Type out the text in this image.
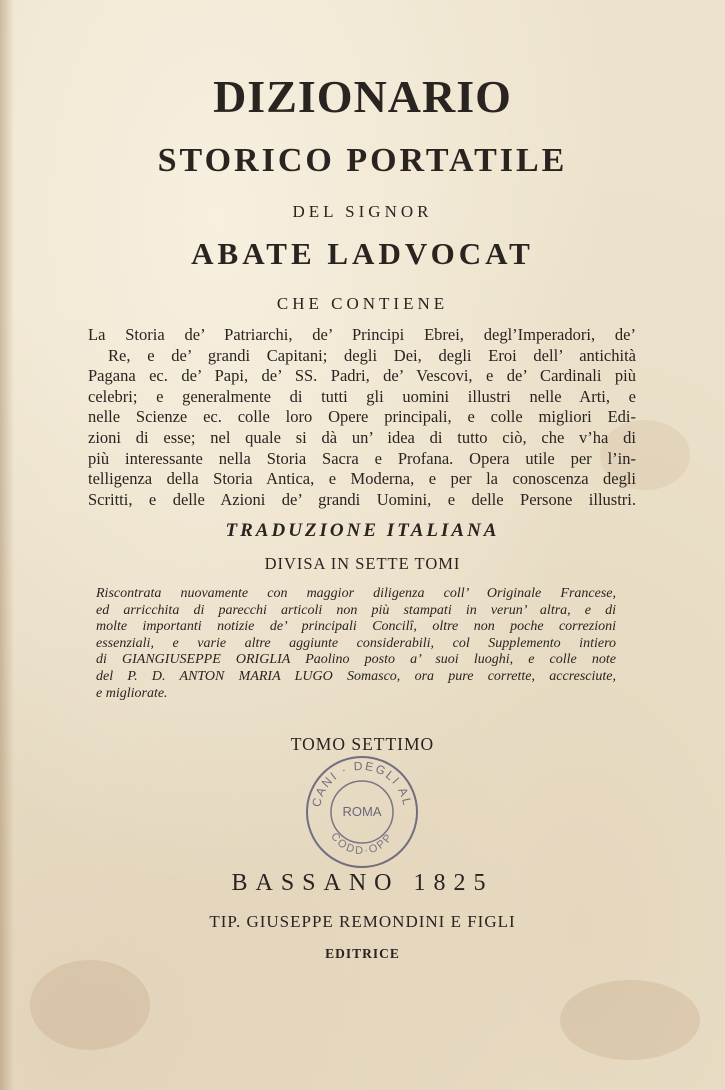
DIZIONARIO
STORICO PORTATILE
DEL SIGNOR
ABATE LADVOCAT
CHE CONTIENE
La Storia de’ Patriarchi, de’ Principi Ebrei, degl’Imperadori, de’
Re, e de’ grandi Capitani; degli Dei, degli Eroi dell’ antichità
Pagana ec. de’ Papi, de’ SS. Padri, de’ Vescovi, e de’ Cardinali più
celebri; e generalmente di tutti gli uomini illustri nelle Arti, e
nelle Scienze ec. colle loro Opere principali, e colle migliori Edi-
zioni di esse; nel quale si dà un’ idea di tutto ciò, che v’ha di
più interessante nella Storia Sacra e Profana. Opera utile per l’in-
telligenza della Storia Antica, e Moderna, e per la conoscenza degli
Scritti, e delle Azioni de’ grandi Uomini, e delle Persone illustri.
TRADUZIONE ITALIANA
DIVISA IN SETTE TOMI
Riscontrata nuovamente con maggior diligenza coll’ Originale Francese,
ed arricchita di parecchi articoli non più stampati in verun’ altra, e di
molte importanti notizie de’ principali Concilî, oltre non poche correzioni
essenziali, e varie altre aggiunte considerabili, col Supplemento intiero
di GIANGIUSEPPE ORIGLIA Paolino posto a’ suoi luoghi, e colle note
del P. D. ANTON MARIA LUGO Somasco, ora pure corrette, accresciute,
e migliorate.
TOMO SETTIMO
CANI · DEGLI AL
ROMA
CODD·OPP
BASSANO 1825
TIP. GIUSEPPE REMONDINI E FIGLI
EDITRICE
